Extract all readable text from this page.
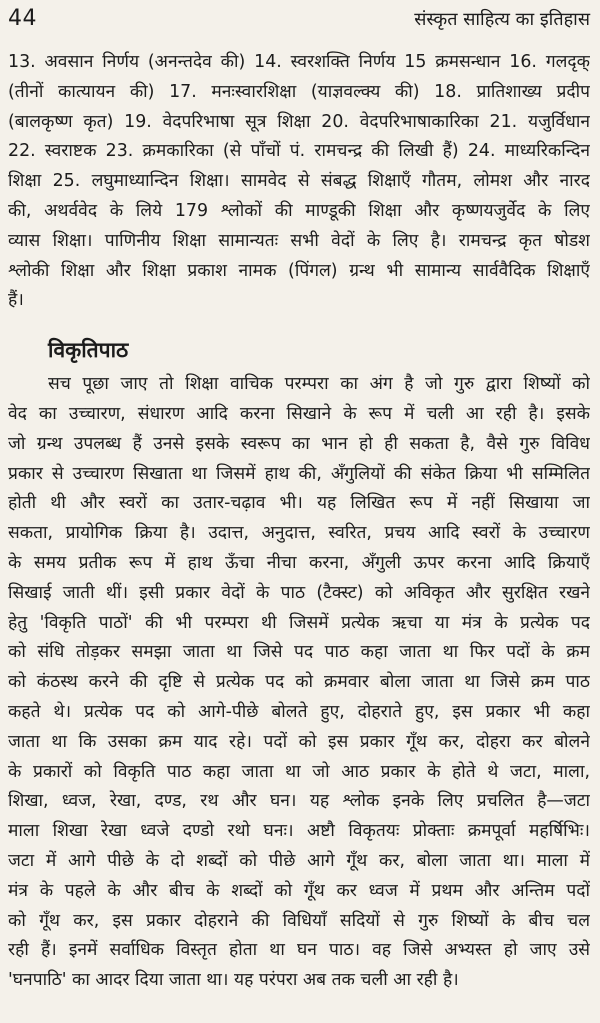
44	संस्कृत साहित्य का इतिहास
13. अवसान निर्णय (अनन्तदेव की) 14. स्वरशक्ति निर्णय 15 क्रमसन्धान 16. गलदृक्
(तीनों कात्यायन की) 17. मनःस्वारशिक्षा (याज्ञवल्क्य की) 18. प्रातिशाख्य प्रदीप
(बालकृष्ण कृत) 19. वेदपरिभाषा सूत्र शिक्षा 20. वेदपरिभाषाकारिका 21. यजुर्विधान
22. स्वराष्टक 23. क्रमकारिका (से पाँचों पं. रामचन्द्र की लिखी हैं) 24. माध्यरिकन्दिन
शिक्षा 25. लघुमाध्यान्दिन शिक्षा। सामवेद से संबद्ध शिक्षाएँ गौतम, लोमश और नारद
की, अथर्ववेद के लिये 179 श्लोकों की माण्डूकी शिक्षा और कृष्णयजुर्वेद के लिए
व्यास शिक्षा। पाणिनीय शिक्षा सामान्यतः सभी वेदों के लिए है। रामचन्द्र कृत षोडश
श्लोकी शिक्षा और शिक्षा प्रकाश नामक (पिंगल) ग्रन्थ भी सामान्य सार्ववैदिक शिक्षाएँ
हैं।
विकृतिपाठ
सच पूछा जाए तो शिक्षा वाचिक परम्परा का अंग है जो गुरु द्वारा शिष्यों को
वेद का उच्चारण, संधारण आदि करना सिखाने के रूप में चली आ रही है। इसके
जो ग्रन्थ उपलब्ध हैं उनसे इसके स्वरूप का भान हो ही सकता है, वैसे गुरु विविध
प्रकार से उच्चारण सिखाता था जिसमें हाथ की, अँगुलियों की संकेत क्रिया भी सम्मिलित
होती थी और स्वरों का उतार-चढ़ाव भी। यह लिखित रूप में नहीं सिखाया जा
सकता, प्रायोगिक क्रिया है। उदात्त, अनुदात्त, स्वरित, प्रचय आदि स्वरों के उच्चारण
के समय प्रतीक रूप में हाथ ऊँचा नीचा करना, अँगुली ऊपर करना आदि क्रियाएँ
सिखाई जाती थीं। इसी प्रकार वेदों के पाठ (टैक्स्ट) को अविकृत और सुरक्षित रखने
हेतु 'विकृति पाठों' की भी परम्परा थी जिसमें प्रत्येक ऋचा या मंत्र के प्रत्येक पद
को संधि तोड़कर समझा जाता था जिसे पद पाठ कहा जाता था फिर पदों के क्रम
को कंठस्थ करने की दृष्टि से प्रत्येक पद को क्रमवार बोला जाता था जिसे क्रम पाठ
कहते थे। प्रत्येक पद को आगे-पीछे बोलते हुए, दोहराते हुए, इस प्रकार भी कहा
जाता था कि उसका क्रम याद रहे। पदों को इस प्रकार गूँथ कर, दोहरा कर बोलने
के प्रकारों को विकृति पाठ कहा जाता था जो आठ प्रकार के होते थे जटा, माला,
शिखा, ध्वज, रेखा, दण्ड, रथ और घन। यह श्लोक इनके लिए प्रचलित है—जटा
माला शिखा रेखा ध्वजे दण्डो रथो घनः। अष्टौ विकृतयः प्रोक्ताः क्रमपूर्वा महर्षिभिः।
जटा में आगे पीछे के दो शब्दों को पीछे आगे गूँथ कर, बोला जाता था। माला में
मंत्र के पहले के और बीच के शब्दों को गूँथ कर ध्वज में प्रथम और अन्तिम पदों
को गूँथ कर, इस प्रकार दोहराने की विधियाँ सदियों से गुरु शिष्यों के बीच चल
रही हैं। इनमें सर्वाधिक विस्तृत होता था घन पाठ। वह जिसे अभ्यस्त हो जाए उसे
'घनपाठि' का आदर दिया जाता था। यह परंपरा अब तक चली आ रही है।
